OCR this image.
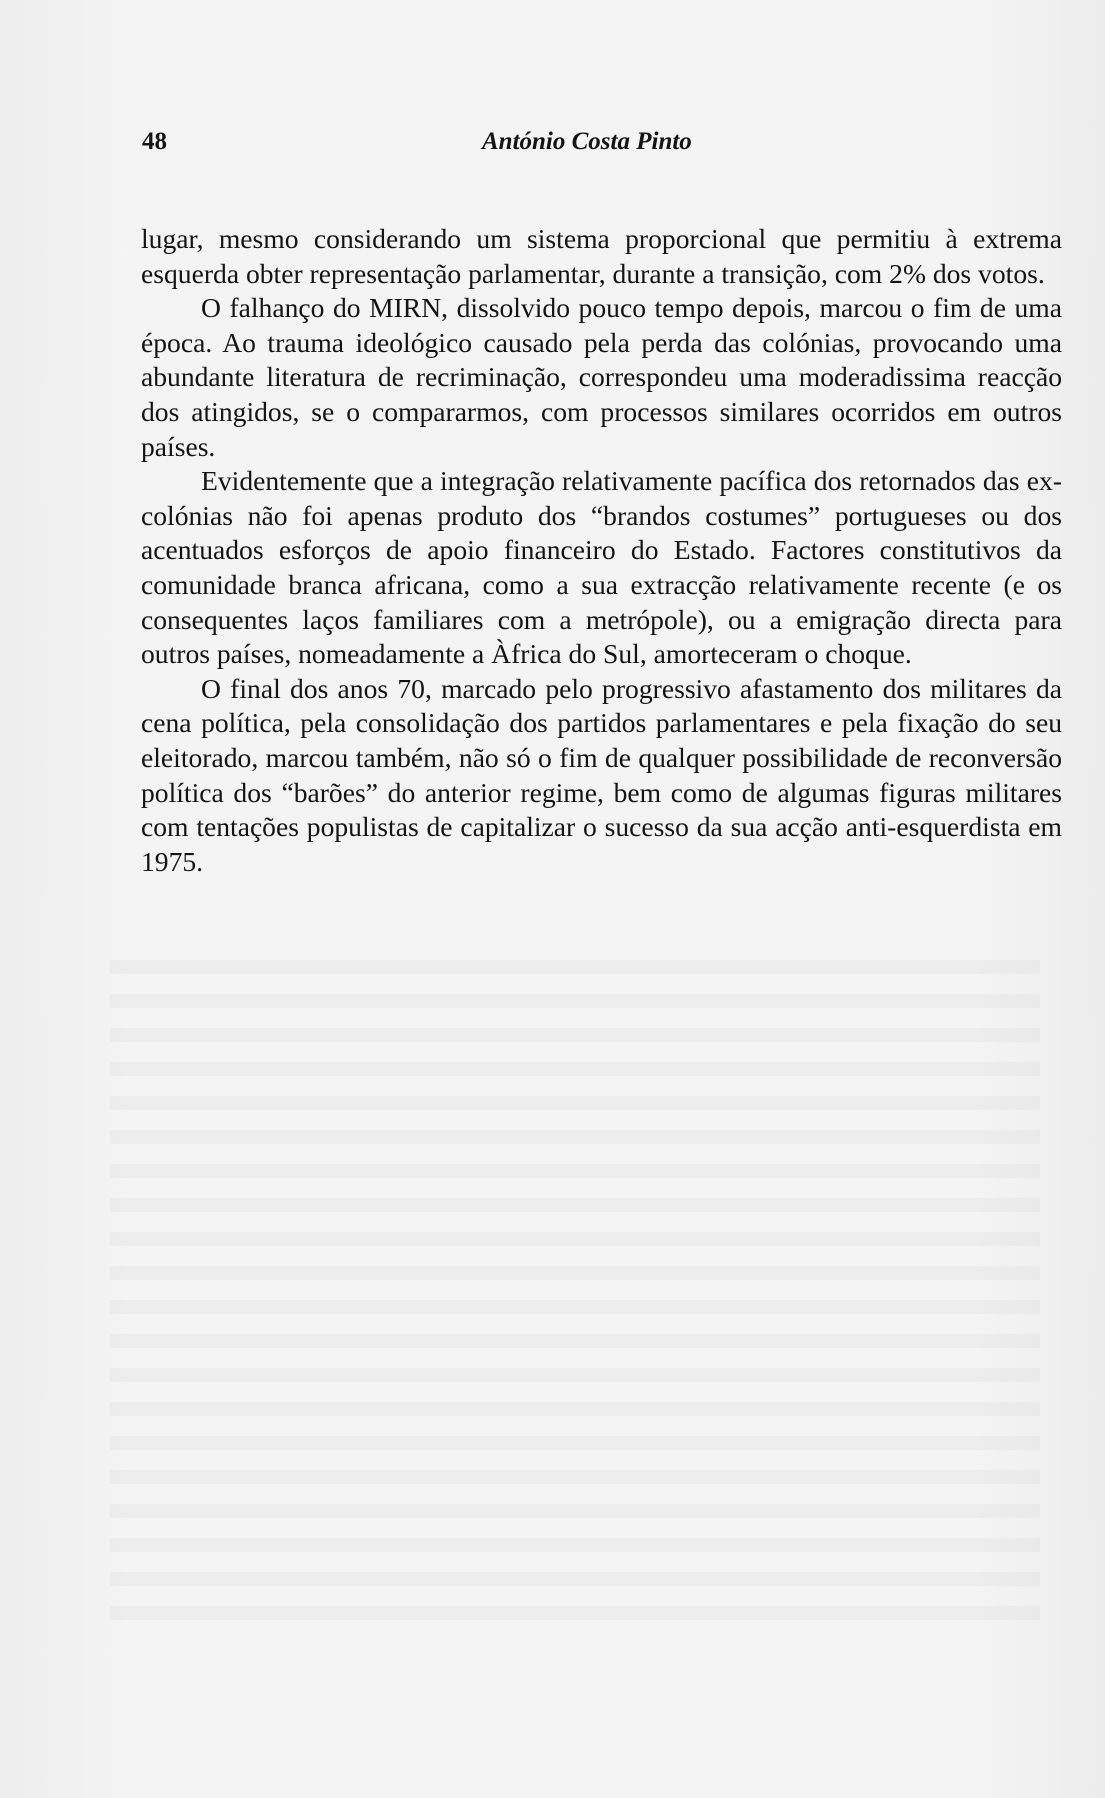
48	António Costa Pinto

lugar, mesmo considerando um sistema proporcional que permitiu à extrema esquerda obter representação parlamentar, durante a transição, com 2% dos votos.

O falhanço do MIRN, dissolvido pouco tempo depois, marcou o fim de uma época. Ao trauma ideológico causado pela perda das colónias, provocando uma abundante literatura de recriminação, correspondeu uma moderadissima reacção dos atingidos, se o compararmos, com processos similares ocorridos em outros países.

Evidentemente que a integração relativamente pacífica dos retornados das ex-colónias não foi apenas produto dos “brandos costumes” portugueses ou dos acentuados esforços de apoio financeiro do Estado. Factores constitutivos da comunidade branca africana, como a sua extracção relativamente recente (e os consequentes laços familiares com a metrópole), ou a emigração directa para outros países, nomeadamente a Àfrica do Sul, amorteceram o choque.

O final dos anos 70, marcado pelo progressivo afastamento dos militares da cena política, pela consolidação dos partidos parlamentares e pela fixação do seu eleitorado, marcou também, não só o fim de qualquer possibilidade de reconversão política dos “barões” do anterior regime, bem como de algumas figuras militares com tentações populistas de capitalizar o sucesso da sua acção anti-esquerdista em 1975.
